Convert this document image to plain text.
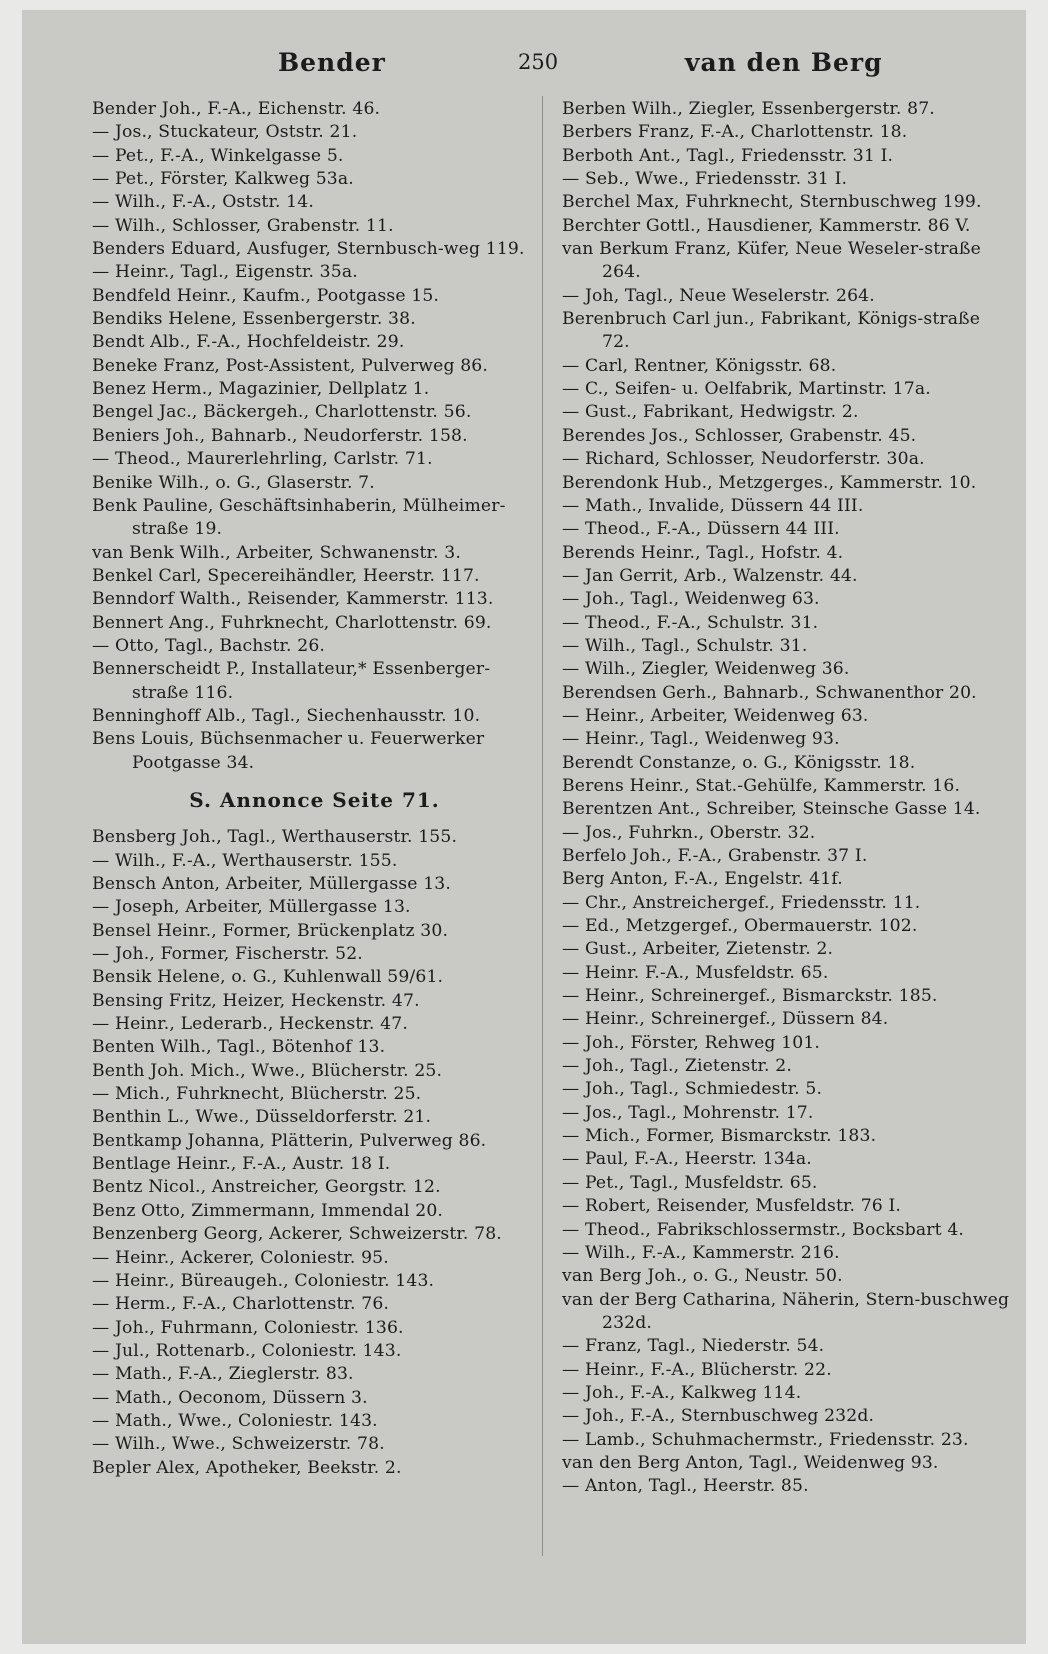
Bender	250	van den Berg

Bender Joh., F.-A., Eichenstr. 46.

— Jos., Stuckateur, Oststr. 21.

— Pet., F.-A., Winkelgasse 5.

— Pet., Förster, Kalkweg 53a.

— Wilh., F.-A., Oststr. 14.

— Wilh., Schlosser, Grabenstr. 11.

Benders Eduard, Ausfuger, Sternbusch-weg 119.

— Heinr., Tagl., Eigenstr. 35a.

Bendfeld Heinr., Kaufm., Pootgasse 15.

Bendiks Helene, Essenbergerstr. 38.

Bendt Alb., F.-A., Hochfeldeistr. 29.

Beneke Franz, Post-Assistent, Pulverweg 86.

Benez Herm., Magazinier, Dellplatz 1.

Bengel Jac., Bäckergeh., Charlottenstr. 56.

Beniers Joh., Bahnarb., Neudorferstr. 158.

— Theod., Maurerlehrling, Carlstr. 71.

Benike Wilh., o. G., Glaserstr. 7.

Benk Pauline, Geschäftsinhaberin, Mülheimer-straße 19.

van Benk Wilh., Arbeiter, Schwanenstr. 3.

Benkel Carl, Specereihändler, Heerstr. 117.

Benndorf Walth., Reisender, Kammerstr. 113.

Bennert Ang., Fuhrknecht, Charlottenstr. 69.

— Otto, Tagl., Bachstr. 26.

Bennerscheidt P., Installateur,* Essenberger-straße 116.

Benninghoff Alb., Tagl., Siechenhausstr. 10.

Bens Louis, Büchsenmacher u. Feuerwerker Pootgasse 34.

S. Annonce Seite 71.

Bensberg Joh., Tagl., Werthauserstr. 155.

— Wilh., F.-A., Werthauserstr. 155.

Bensch Anton, Arbeiter, Müllergasse 13.

— Joseph, Arbeiter, Müllergasse 13.

Bensel Heinr., Former, Brückenplatz 30.

— Joh., Former, Fischerstr. 52.

Bensik Helene, o. G., Kuhlenwall 59/61.

Bensing Fritz, Heizer, Heckenstr. 47.

— Heinr., Lederarb., Heckenstr. 47.

Benten Wilh., Tagl., Bötenhof 13.

Benth Joh. Mich., Wwe., Blücherstr. 25.

— Mich., Fuhrknecht, Blücherstr. 25.

Benthin L., Wwe., Düsseldorferstr. 21.

Bentkamp Johanna, Plätterin, Pulverweg 86.

Bentlage Heinr., F.-A., Austr. 18 I.

Bentz Nicol., Anstreicher, Georgstr. 12.

Benz Otto, Zimmermann, Immendal 20.

Benzenberg Georg, Ackerer, Schweizerstr. 78.

— Heinr., Ackerer, Coloniestr. 95.

— Heinr., Büreaugeh., Coloniestr. 143.

— Herm., F.-A., Charlottenstr. 76.

— Joh., Fuhrmann, Coloniestr. 136.

— Jul., Rottenarb., Coloniestr. 143.

— Math., F.-A., Zieglerstr. 83.

— Math., Oeconom, Düssern 3.

— Math., Wwe., Coloniestr. 143.

— Wilh., Wwe., Schweizerstr. 78.

Bepler Alex, Apotheker, Beekstr. 2.

Berben Wilh., Ziegler, Essenbergerstr. 87.

Berbers Franz, F.-A., Charlottenstr. 18.

Berboth Ant., Tagl., Friedensstr. 31 I.

— Seb., Wwe., Friedensstr. 31 I.

Berchel Max, Fuhrknecht, Sternbuschweg 199.

Berchter Gottl., Hausdiener, Kammerstr. 86 V.

van Berkum Franz, Küfer, Neue Weseler-straße 264.

— Joh, Tagl., Neue Weselerstr. 264.

Berenbruch Carl jun., Fabrikant, Königs-straße 72.

— Carl, Rentner, Königsstr. 68.

— C., Seifen- u. Oelfabrik, Martinstr. 17a.

— Gust., Fabrikant, Hedwigstr. 2.

Berendes Jos., Schlosser, Grabenstr. 45.

— Richard, Schlosser, Neudorferstr. 30a.

Berendonk Hub., Metzgerges., Kammerstr. 10.

— Math., Invalide, Düssern 44 III.

— Theod., F.-A., Düssern 44 III.

Berends Heinr., Tagl., Hofstr. 4.

— Jan Gerrit, Arb., Walzenstr. 44.

— Joh., Tagl., Weidenweg 63.

— Theod., F.-A., Schulstr. 31.

— Wilh., Tagl., Schulstr. 31.

— Wilh., Ziegler, Weidenweg 36.

Berendsen Gerh., Bahnarb., Schwanenthor 20.

— Heinr., Arbeiter, Weidenweg 63.

— Heinr., Tagl., Weidenweg 93.

Berendt Constanze, o. G., Königsstr. 18.

Berens Heinr., Stat.-Gehülfe, Kammerstr. 16.

Berentzen Ant., Schreiber, Steinsche Gasse 14.

— Jos., Fuhrkn., Oberstr. 32.

Berfelo Joh., F.-A., Grabenstr. 37 I.

Berg Anton, F.-A., Engelstr. 41f.

— Chr., Anstreichergef., Friedensstr. 11.

— Ed., Metzgergef., Obermauerstr. 102.

— Gust., Arbeiter, Zietenstr. 2.

— Heinr. F.-A., Musfeldstr. 65.

— Heinr., Schreinergef., Bismarckstr. 185.

— Heinr., Schreinergef., Düssern 84.

— Joh., Förster, Rehweg 101.

— Joh., Tagl., Zietenstr. 2.

— Joh., Tagl., Schmiedestr. 5.

— Jos., Tagl., Mohrenstr. 17.

— Mich., Former, Bismarckstr. 183.

— Paul, F.-A., Heerstr. 134a.

— Pet., Tagl., Musfeldstr. 65.

— Robert, Reisender, Musfeldstr. 76 I.

— Theod., Fabrikschlossermstr., Bocksbart 4.

— Wilh., F.-A., Kammerstr. 216.

van Berg Joh., o. G., Neustr. 50.

van der Berg Catharina, Näherin, Stern-buschweg 232d.

— Franz, Tagl., Niederstr. 54.

— Heinr., F.-A., Blücherstr. 22.

— Joh., F.-A., Kalkweg 114.

— Joh., F.-A., Sternbuschweg 232d.

— Lamb., Schuhmachermstr., Friedensstr. 23.

van den Berg Anton, Tagl., Weidenweg 93.

— Anton, Tagl., Heerstr. 85.
